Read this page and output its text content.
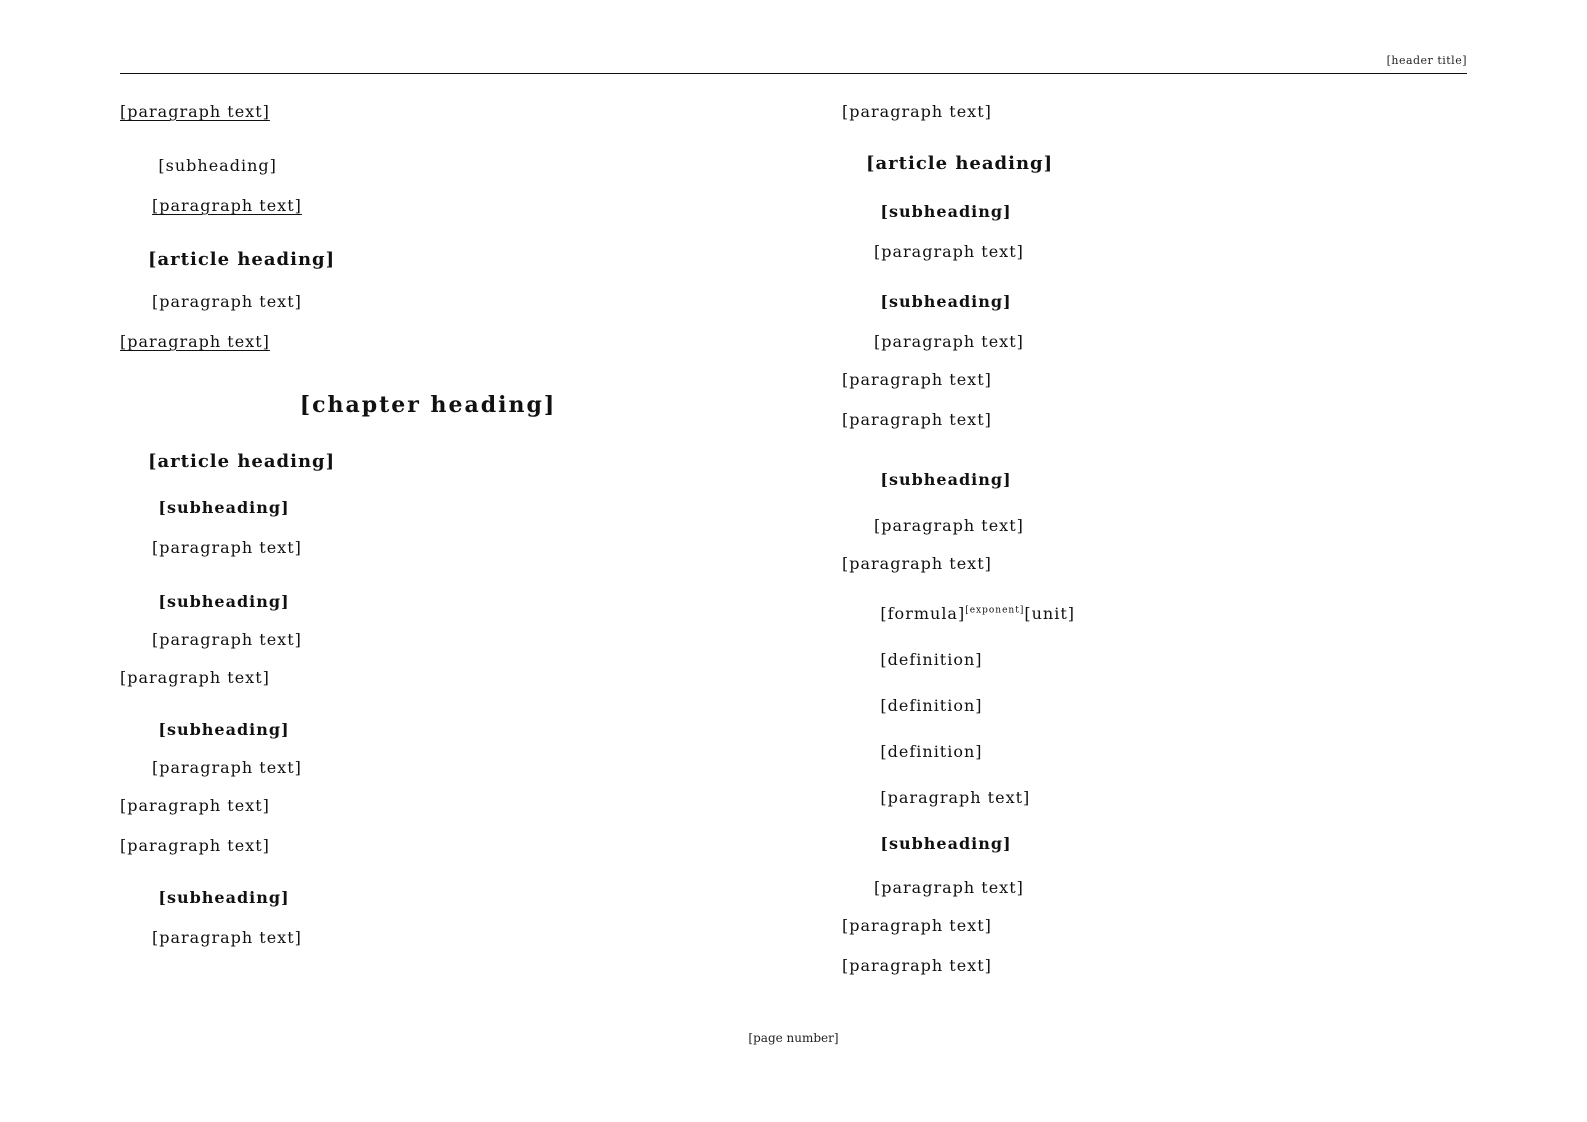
[header title]
[paragraph text]
[subheading]
[paragraph text]
[article heading]
[paragraph text]
[paragraph text]
[chapter heading]
[article heading]
[subheading]
[paragraph text]
[subheading]
[paragraph text]
[paragraph text]
[subheading]
[paragraph text]
[paragraph text]
[paragraph text]
[subheading]
[paragraph text]
[paragraph text]
[article heading]
[subheading]
[paragraph text]
[subheading]
[paragraph text]
[paragraph text]
[paragraph text]
[subheading]
[paragraph text]
[paragraph text]
[formula][exponent][unit]
[definition]
[definition]
[definition]
[paragraph text]
[subheading]
[paragraph text]
[paragraph text]
[paragraph text]
[page number]
